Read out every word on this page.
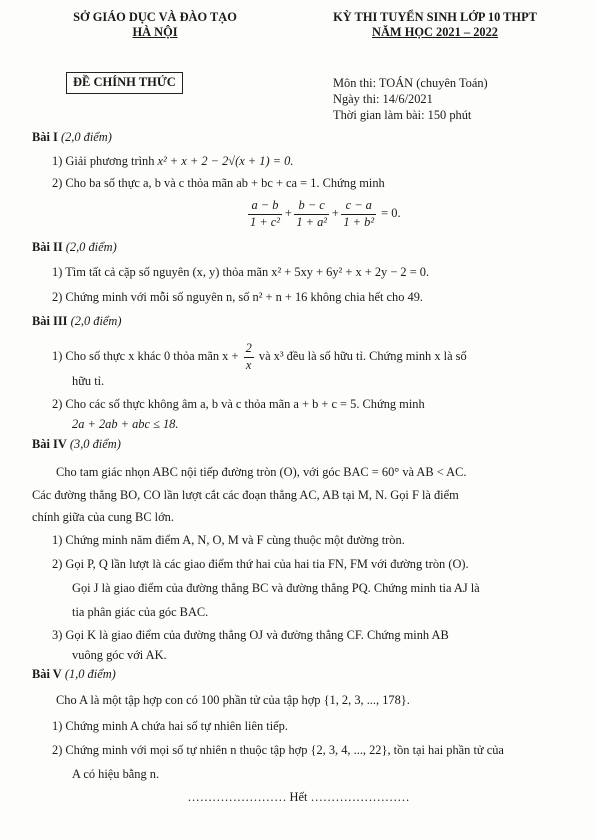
SỞ GIÁO DỤC VÀ ĐÀO TẠO
HÀ NỘI
ĐỀ CHÍNH THỨC
KỲ THI TUYỂN SINH LỚP 10 THPT
NĂM HỌC 2021 – 2022
Môn thi: TOÁN (chuyên Toán)
Ngày thi: 14/6/2021
Thời gian làm bài: 150 phút
Bài I (2,0 điểm)
1) Giải phương trình x² + x + 2 − 2√(x + 1) = 0.
2) Cho ba số thực a, b và c thỏa mãn ab + bc + ca = 1. Chứng minh
$\frac{a - b}{\text{1 + c²}} + \frac{b - c}{\text{1 + a²}} + \frac{c - a}{\text{1 + b²}} = 0$.
Bài II (2,0 điểm)
1) Tìm tất cả cặp số nguyên (x, y) thỏa mãn x² + 5xy + 6y² + x + 2y − 2 = 0.
2) Chứng minh với mỗi số nguyên n, số n² + n + 16 không chia hết cho 49.
Bài III (2,0 điểm)
1) Cho số thực x khác 0 thỏa mãn $x + \frac{2}{x}$ và x³ đều là số hữu tỉ. Chứng minh x là số
hữu tỉ.
2) Cho các số thực không âm a, b và c thỏa mãn a + b + c = 5. Chứng minh
2a + 2ab + abc ≤ 18.
Bài IV (3,0 điểm)
Cho tam giác nhọn ABC nội tiếp đường tròn (O), với góc BAC = 60° và AB < AC.
Các đường thẳng BO, CO lần lượt cắt các đoạn thẳng AC, AB tại M, N. Gọi F là điểm
chính giữa của cung BC lớn.
1) Chứng minh năm điểm A, N, O, M và F cùng thuộc một đường tròn.
2) Gọi P, Q lần lượt là các giao điểm thứ hai của hai tia FN, FM với đường tròn (O).
Gọi J là giao điểm của đường thẳng BC và đường thẳng PQ. Chứng minh tia AJ là
tia phân giác của góc BAC.
3) Gọi K là giao điểm của đường thẳng OJ và đường thẳng CF. Chứng minh AB
vuông góc với AK.
Bài V (1,0 điểm)
Cho A là một tập hợp con có 100 phần tử của tập hợp {1, 2, 3, ..., 178}.
1) Chứng minh A chứa hai số tự nhiên liên tiếp.
2) Chứng minh với mọi số tự nhiên n thuộc tập hợp {2, 3, 4, ..., 22}, tồn tại hai phần tử của
A có hiệu bằng n.
…………………… Hết ……………………
